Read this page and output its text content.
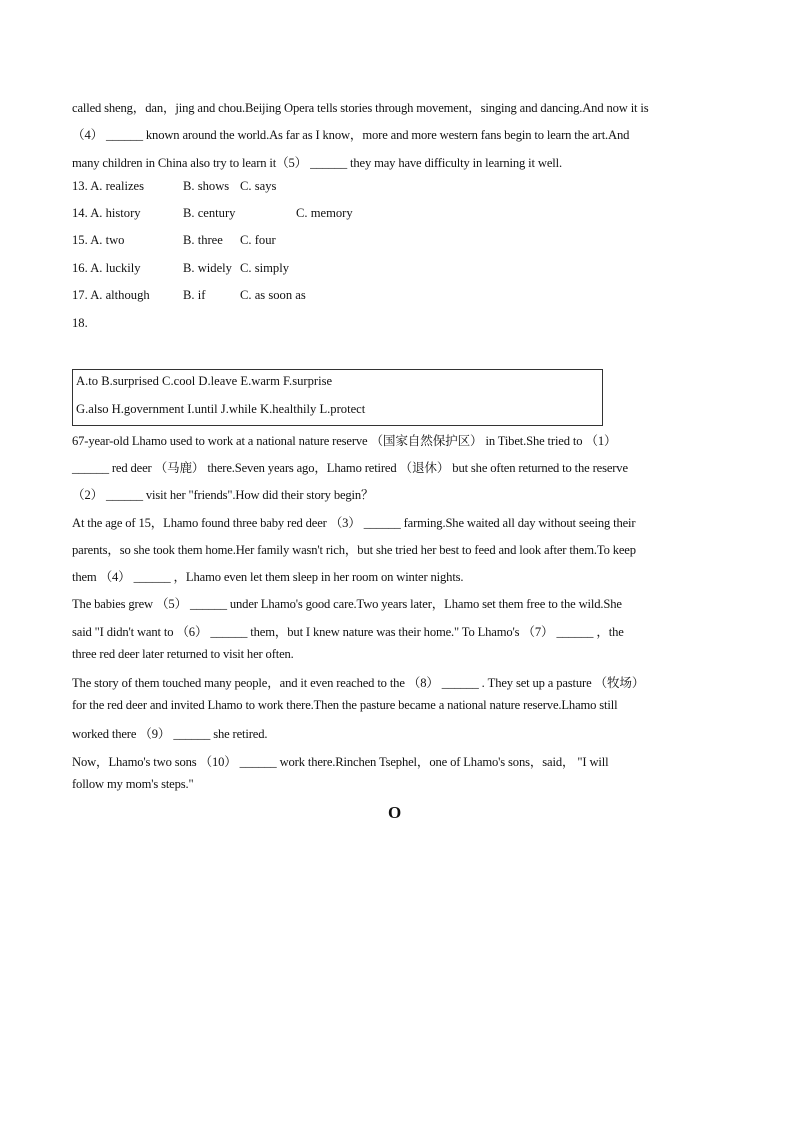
called sheng，dan，jing and chou.Beijing Opera tells stories through movement，singing and dancing.And now it is
（4） ______ known around the world.As far as I know，more and more western fans begin to learn the art.And
many children in China also try to learn it（5） ______ they may have difficulty in learning it well.
13. A. realizes	B. shows C. says
14. A. history	B. century	C. memory
15. A. two	B. three C. four
16. A. luckily	B. widely C. simply
17. A. although	B. if	C. as soon as
18.
A.to B.surprised C.cool D.leave E.warm F.surprise
G.also H.government I.until J.while K.healthily L.protect
67-year-old Lhamo used to work at a national nature reserve （国家自然保护区） in Tibet.She tried to （1）
______ red deer （马鹿） there.Seven years ago，Lhamo retired （退休） but she often returned to the reserve
（2） ______ visit her "friends".How did their story begin？
At the age of 15，Lhamo found three baby red deer （3） ______ farming.She waited all day without seeing their
parents，so she took them home.Her family wasn't rich，but she tried her best to feed and look after them.To keep
them （4） ______ ，Lhamo even let them sleep in her room on winter nights.
The babies grew （5） ______ under Lhamo's good care.Two years later，Lhamo set them free to the wild.She
said "I didn't want to （6） ______ them，but I knew nature was their home." To Lhamo's （7） ______ ，the
three red deer later returned to visit her often.
The story of them touched many people，and it even reached to the （8） ______ . They set up a pasture （牧场）
for the red deer and invited Lhamo to work there.Then the pasture became a national nature reserve.Lhamo still
worked there （9） ______ she retired.
Now，Lhamo's two sons （10） ______ work there.Rinchen Tsephel，one of Lhamo's sons，said， "I will
follow my mom's steps."
O
